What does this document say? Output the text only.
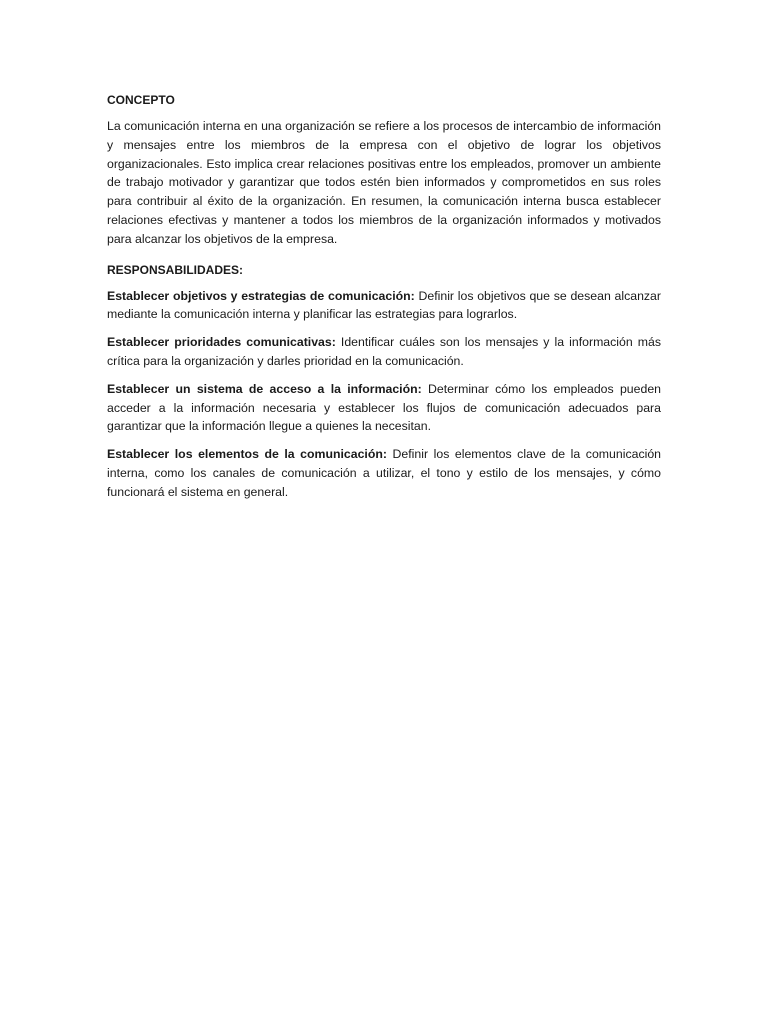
CONCEPTO

La comunicación interna en una organización se refiere a los procesos de intercambio de información y mensajes entre los miembros de la empresa con el objetivo de lograr los objetivos organizacionales. Esto implica crear relaciones positivas entre los empleados, promover un ambiente de trabajo motivador y garantizar que todos estén bien informados y comprometidos en sus roles para contribuir al éxito de la organización. En resumen, la comunicación interna busca establecer relaciones efectivas y mantener a todos los miembros de la organización informados y motivados para alcanzar los objetivos de la empresa.

RESPONSABILIDADES:

Establecer objetivos y estrategias de comunicación: Definir los objetivos que se desean alcanzar mediante la comunicación interna y planificar las estrategias para lograrlos.

Establecer prioridades comunicativas: Identificar cuáles son los mensajes y la información más crítica para la organización y darles prioridad en la comunicación.

Establecer un sistema de acceso a la información: Determinar cómo los empleados pueden acceder a la información necesaria y establecer los flujos de comunicación adecuados para garantizar que la información llegue a quienes la necesitan.

Establecer los elementos de la comunicación: Definir los elementos clave de la comunicación interna, como los canales de comunicación a utilizar, el tono y estilo de los mensajes, y cómo funcionará el sistema en general.
